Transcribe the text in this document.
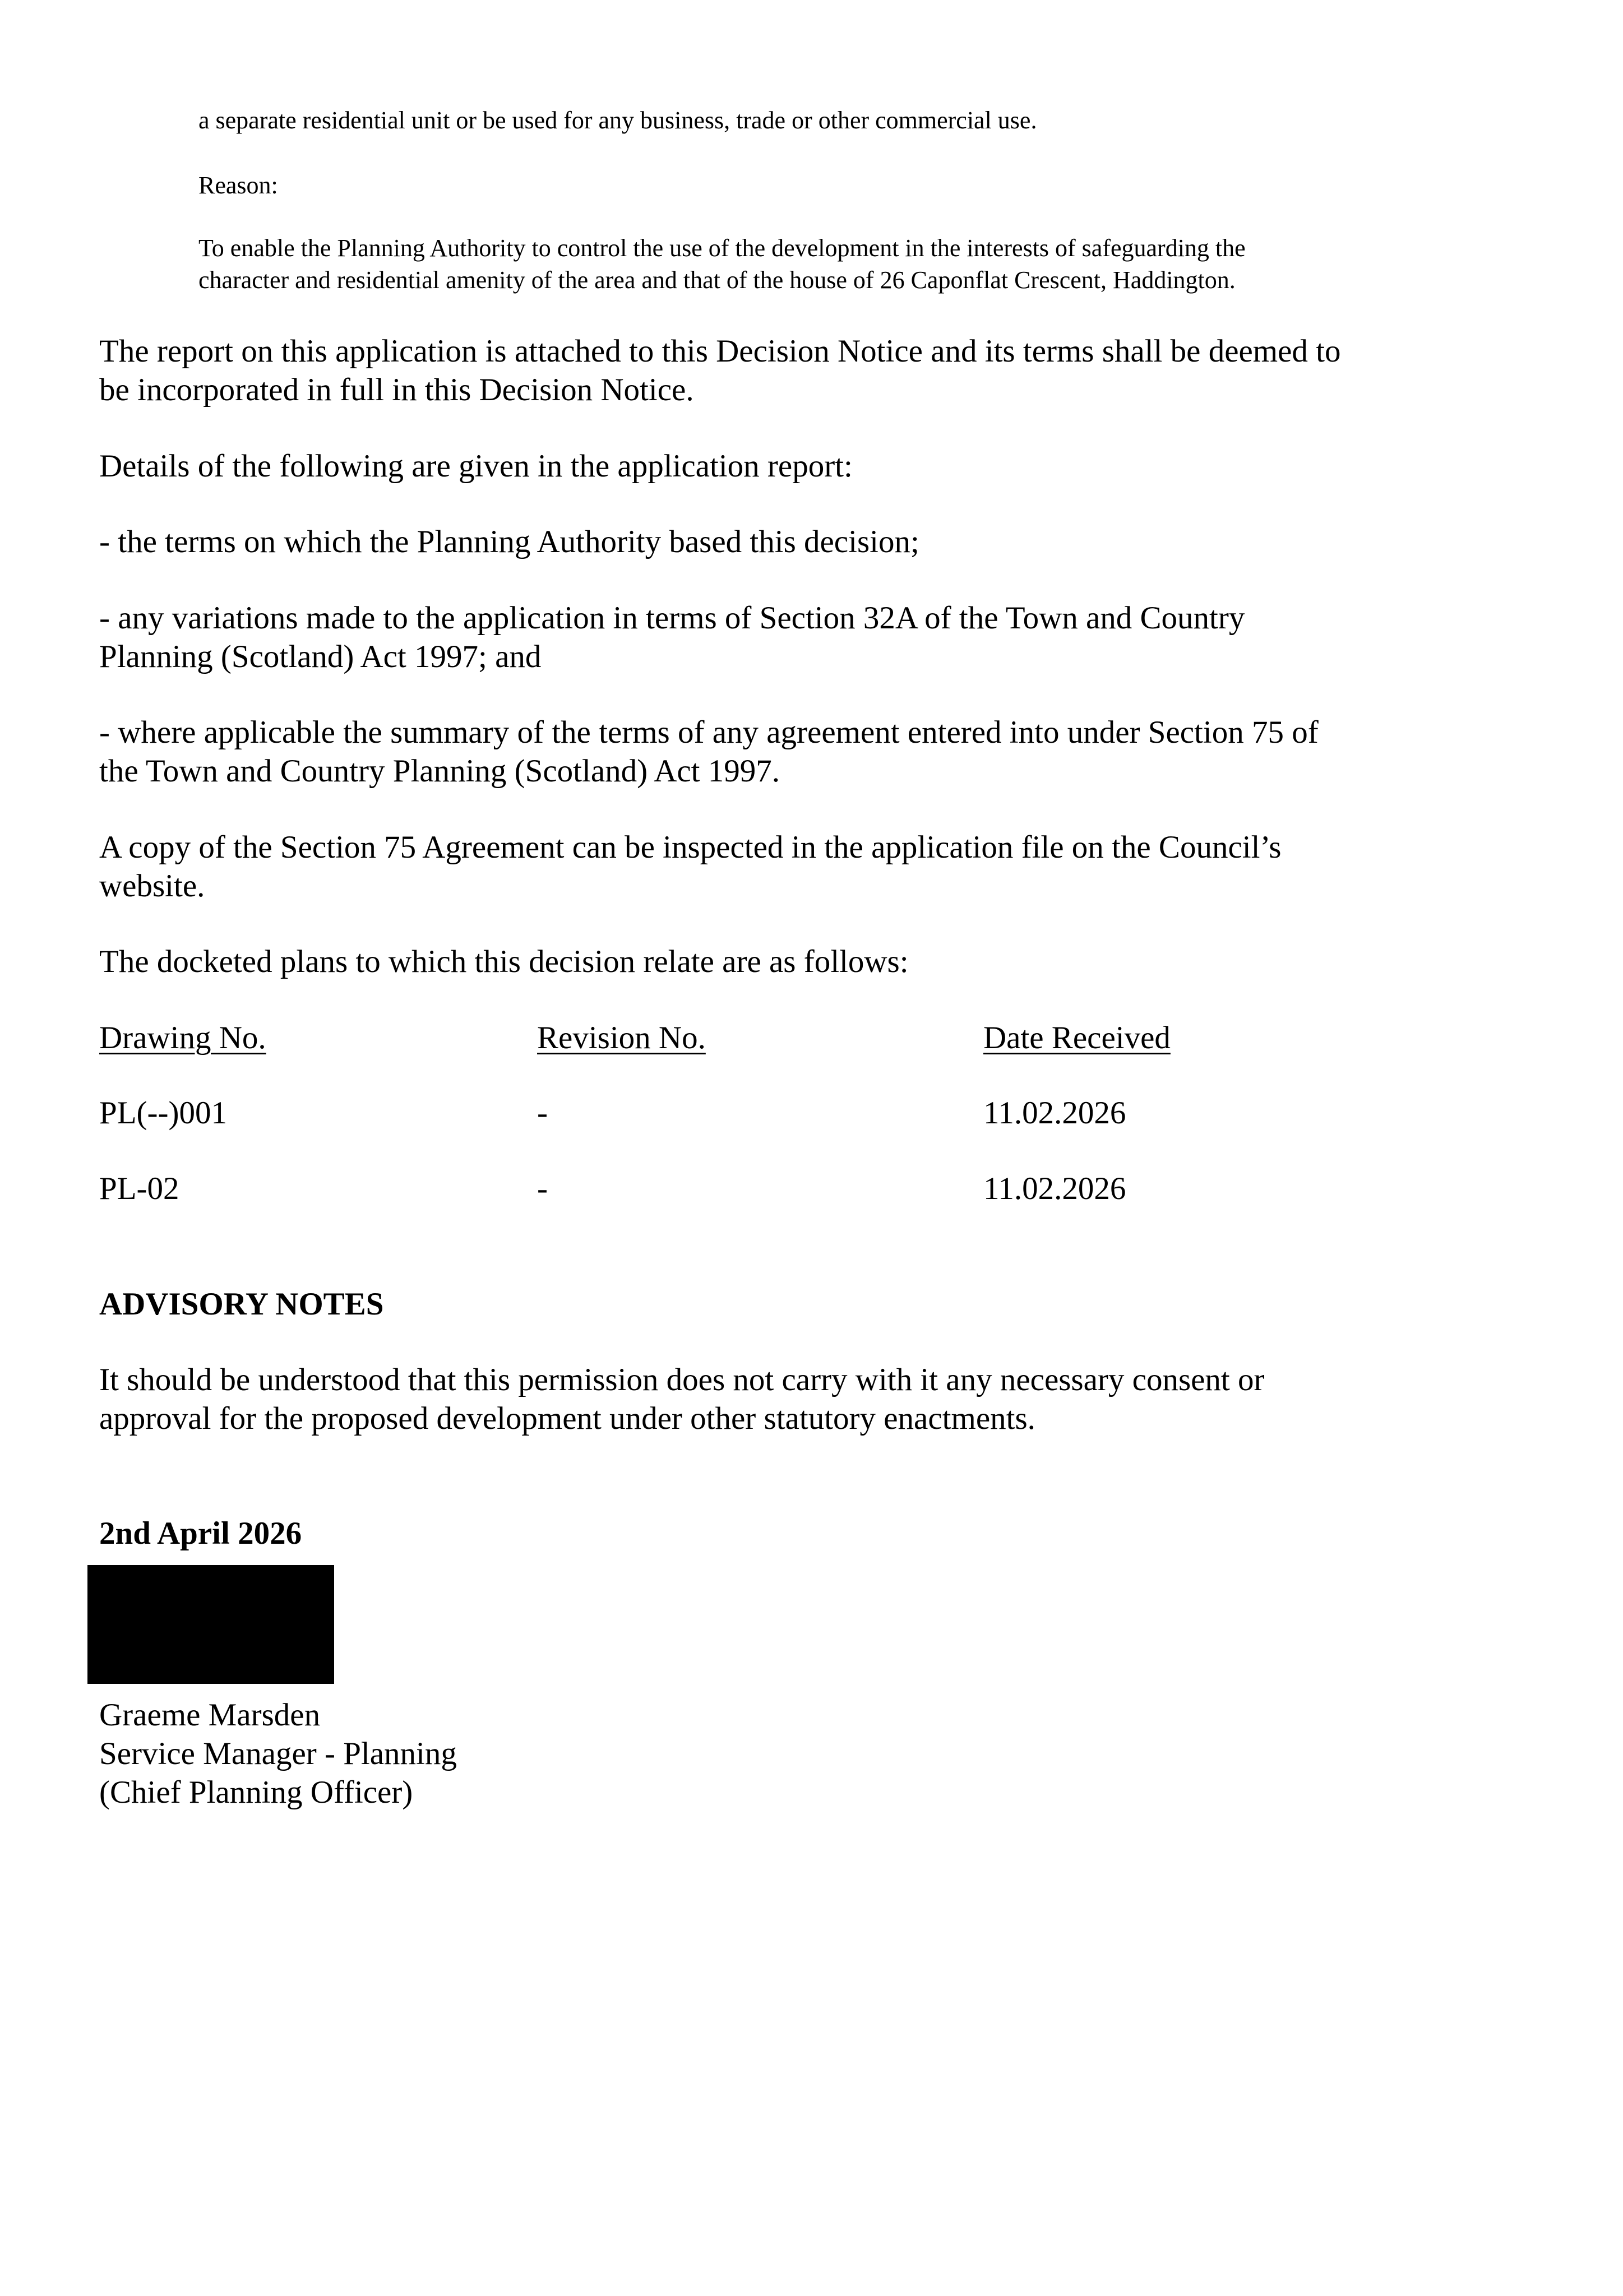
a separate residential unit or be used for any business, trade or other commercial use.

Reason:

To enable the Planning Authority to control the use of the development in the interests of safeguarding the

character and residential amenity of the area and that of the house of 26 Caponflat Crescent, Haddington.

The report on this application is attached to this Decision Notice and its terms shall be deemed to

be incorporated in full in this Decision Notice.

Details of the following are given in the application report:

- the terms on which the Planning Authority based this decision;

- any variations made to the application in terms of Section 32A of the Town and Country

Planning (Scotland) Act 1997; and

- where applicable the summary of the terms of any agreement entered into under Section 75 of

the Town and Country Planning (Scotland) Act 1997.

A copy of the Section 75 Agreement can be inspected in the application file on the Council’s

website.

The docketed plans to which this decision relate are as follows:

Drawing No.	Revision No.	Date Received

PL(--)001	-	11.02.2026

PL-02	-	11.02.2026

ADVISORY NOTES

It should be understood that this permission does not carry with it any necessary consent or

approval for the proposed development under other statutory enactments.

2nd April 2026

Graeme Marsden

Service Manager - Planning

(Chief Planning Officer)
